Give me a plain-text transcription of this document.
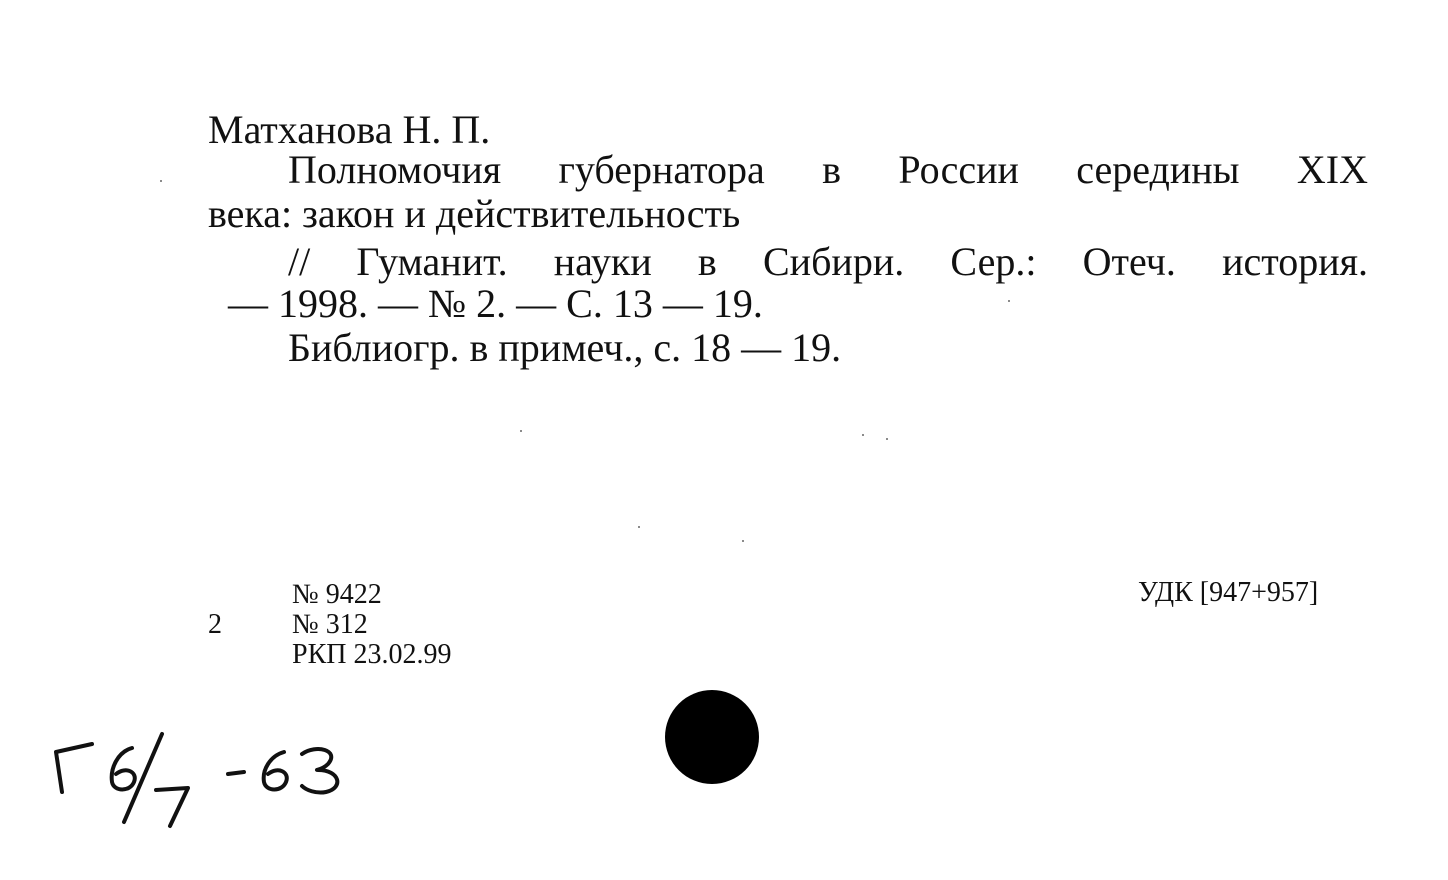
Матханова Н. П.
Полномочия губернатора в России середины XIX
века: закон и действительность
// Гуманит. науки в Сибири. Сер.: Отеч. история.
— 1998. — № 2. — С. 13 — 19.
Библиогр. в примеч., с. 18 — 19.
2
№ 9422
№ 312
РКП 23.02.99
УДК [947+957]
